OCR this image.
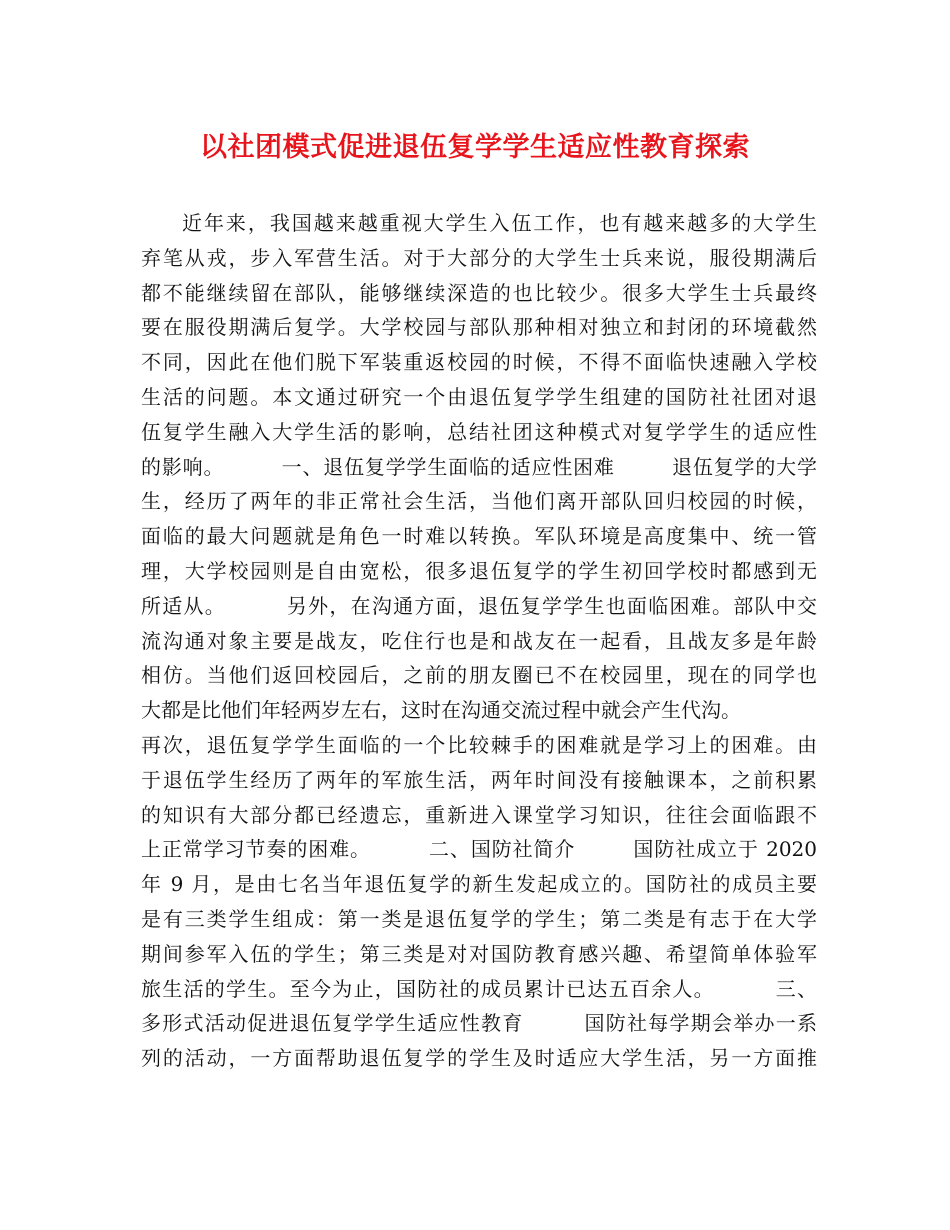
以社团模式促进退伍复学学生适应性教育探索
近年来，我国越来越重视大学生入伍工作，也有越来越多的大学生
弃笔从戎，步入军营生活。对于大部分的大学生士兵来说，服役期满后
都不能继续留在部队，能够继续深造的也比较少。很多大学生士兵最终
要在服役期满后复学。大学校园与部队那种相对独立和封闭的环境截然
不同，因此在他们脱下军装重返校园的时候，不得不面临快速融入学校
生活的问题。本文通过研究一个由退伍复学学生组建的国防社社团对退
伍复学生融入大学生活的影响，总结社团这种模式对复学学生的适应性
的影响。        一、退伍复学学生面临的适应性困难        退伍复学的大学
生，经历了两年的非正常社会生活，当他们离开部队回归校园的时候，
面临的最大问题就是角色一时难以转换。军队环境是高度集中、统一管
理，大学校园则是自由宽松，很多退伍复学的学生初回学校时都感到无
所适从。        另外，在沟通方面，退伍复学学生也面临困难。部队中交
流沟通对象主要是战友，吃住行也是和战友在一起看，且战友多是年龄
相仿。当他们返回校园后，之前的朋友圈已不在校园里，现在的同学也
大都是比他们年轻两岁左右，这时在沟通交流过程中就会产生代沟。
再次，退伍复学学生面临的一个比较棘手的困难就是学习上的困难。由
于退伍学生经历了两年的军旅生活，两年时间没有接触课本，之前积累
的知识有大部分都已经遗忘，重新进入课堂学习知识，往往会面临跟不
上正常学习节奏的困难。        二、国防社简介        国防社成立于 2020
年 9 月，是由七名当年退伍复学的新生发起成立的。国防社的成员主要
是有三类学生组成：第一类是退伍复学的学生；第二类是有志于在大学
期间参军入伍的学生；第三类是对对国防教育感兴趣、希望简单体验军
旅生活的学生。至今为止，国防社的成员累计已达五百余人。        三、
多形式活动促进退伍复学学生适应性教育        国防社每学期会举办一系
列的活动，一方面帮助退伍复学的学生及时适应大学生活，另一方面推
